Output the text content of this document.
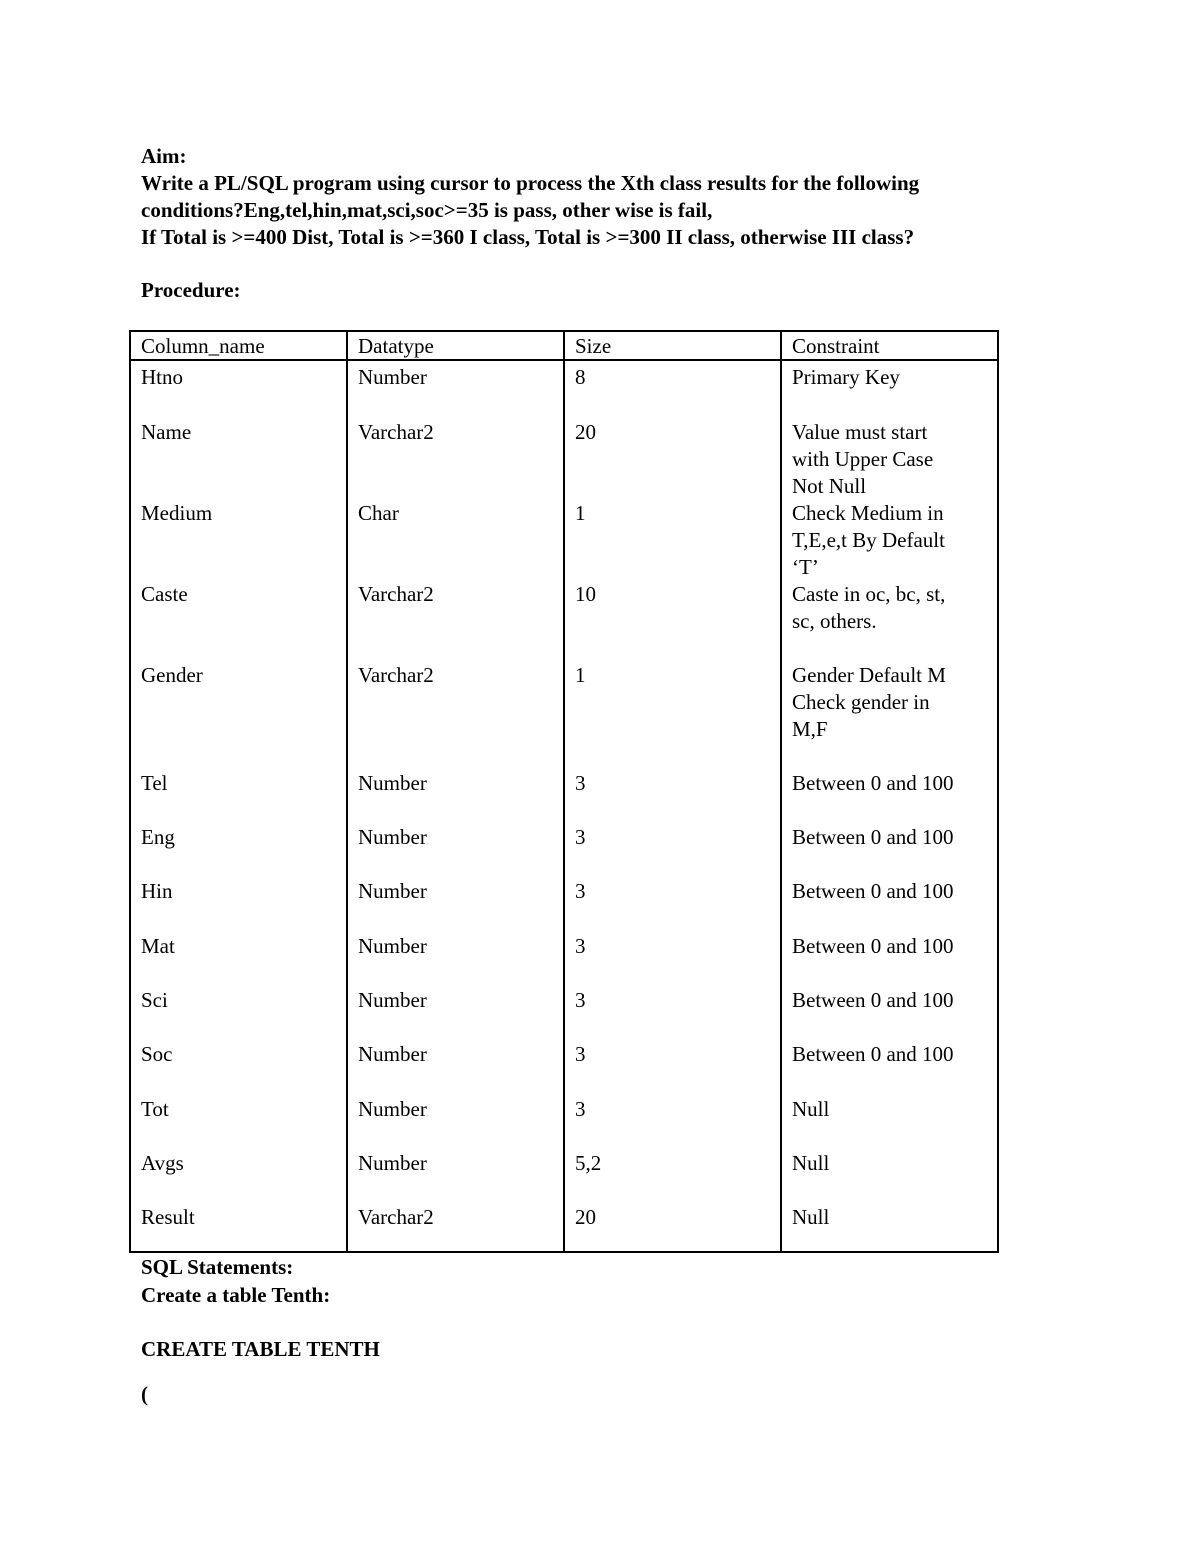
Aim:
Write a PL/SQL program using cursor to process the Xth class results for the following
conditions?Eng,tel,hin,mat,sci,soc>=35 is pass, other wise is fail,
If Total is >=400 Dist, Total is >=360 I class, Total is >=300 II class, otherwise III class?
Procedure:
Column_name	Datatype	Size	Constraint
Htno	Number	8	Primary Key
Name	Varchar2	20	Value must start
with Upper Case
Not Null
Medium	Char	1	Check Medium in
T,E,e,t By Default
‘T’
Caste	Varchar2	10	Caste in oc, bc, st,
sc, others.
Gender	Varchar2	1	Gender Default M
Check gender in
M,F
Tel	Number	3	Between 0 and 100
Eng	Number	3	Between 0 and 100
Hin	Number	3	Between 0 and 100
Mat	Number	3	Between 0 and 100
Sci	Number	3	Between 0 and 100
Soc	Number	3	Between 0 and 100
Tot	Number	3	Null
Avgs	Number	5,2	Null
Result	Varchar2	20	Null
SQL Statements:
Create a table Tenth:
CREATE TABLE TENTH
(
